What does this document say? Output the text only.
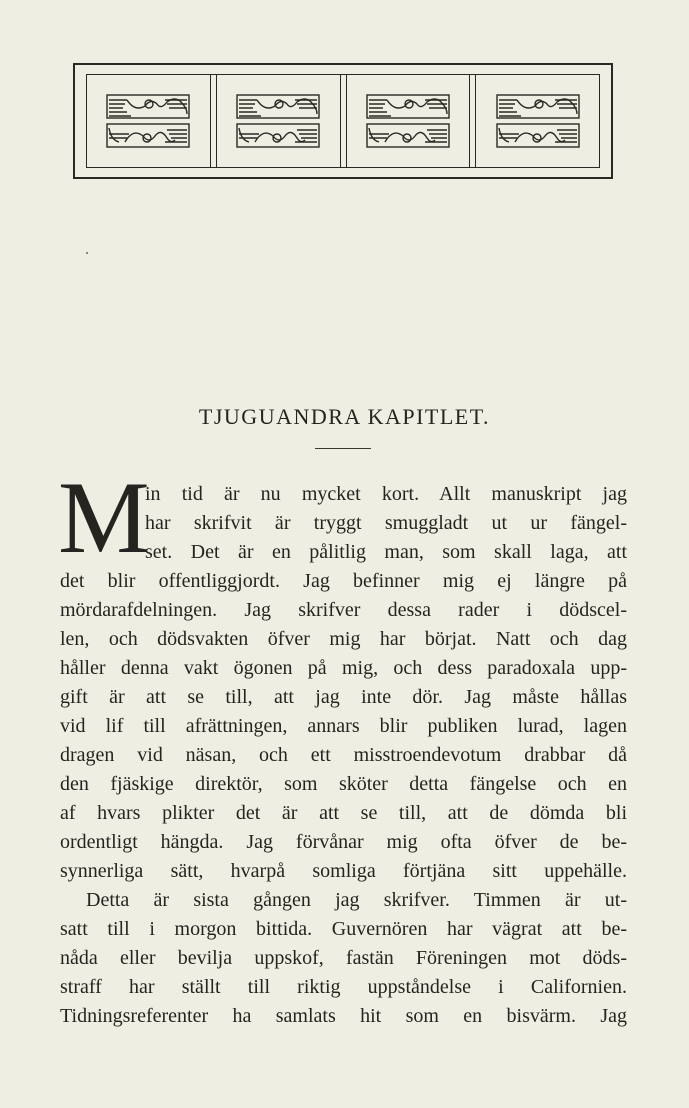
TJUGUANDRA KAPITLET.
M
in tid är nu mycket kort. Allt manuskript jag
har skrifvit är tryggt smuggladt ut ur fängel-
set. Det är en pålitlig man, som skall laga, att
det blir offentliggjordt. Jag befinner mig ej längre på
mördarafdelningen. Jag skrifver dessa rader i dödscel-
len, och dödsvakten öfver mig har börjat. Natt och dag
håller denna vakt ögonen på mig, och dess paradoxala upp-
gift är att se till, att jag inte dör. Jag måste hållas
vid lif till afrättningen, annars blir publiken lurad, lagen
dragen vid näsan, och ett misstroendevotum drabbar då
den fjäskige direktör, som sköter detta fängelse och en
af hvars plikter det är att se till, att de dömda bli
ordentligt hängda. Jag förvånar mig ofta öfver de be-
synnerliga sätt, hvarpå somliga förtjäna sitt uppehälle.
Detta är sista gången jag skrifver. Timmen är ut-
satt till i morgon bittida. Guvernören har vägrat att be-
nåda eller bevilja uppskof, fastän Föreningen mot döds-
straff har ställt till riktig uppståndelse i Californien.
Tidningsreferenter ha samlats hit som en bisvärm. Jag
